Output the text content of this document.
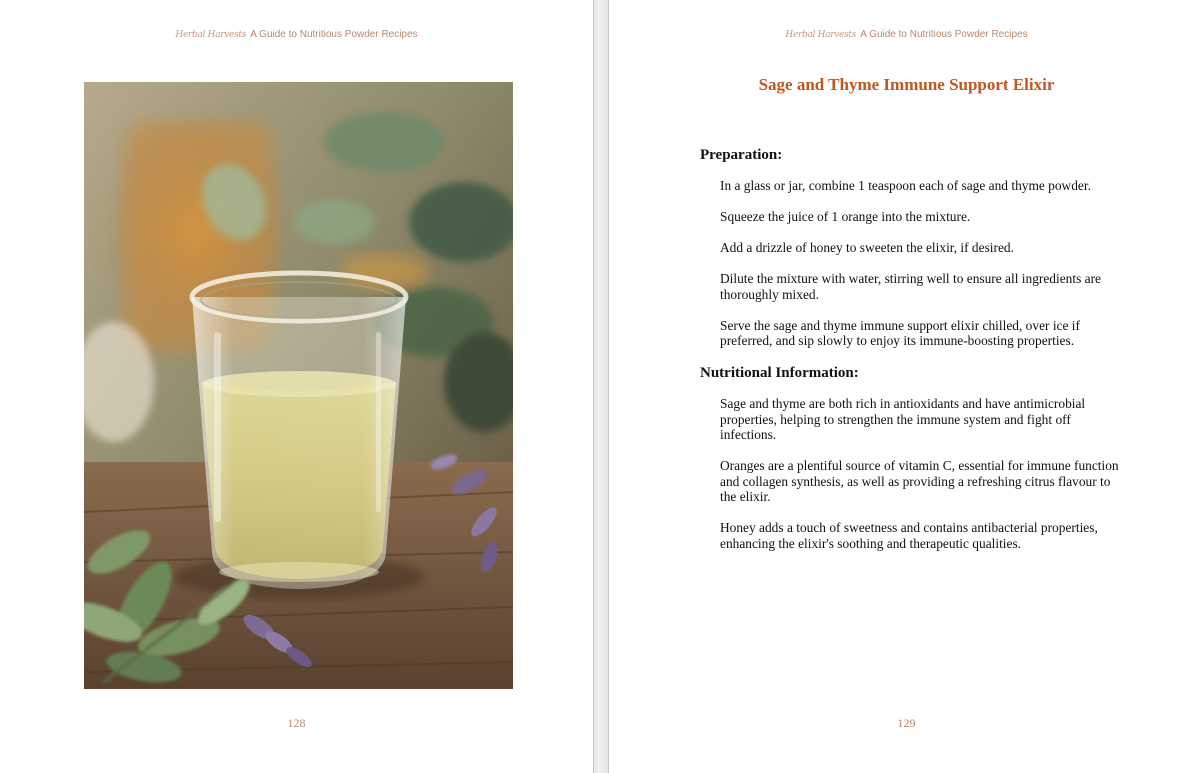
Herbal Harvests A Guide to Nutritious Powder Recipes
128
Herbal Harvests A Guide to Nutritious Powder Recipes
Sage and Thyme Immune Support Elixir
Preparation:
In a glass or jar, combine 1 teaspoon each of sage and thyme powder.
Squeeze the juice of 1 orange into the mixture.
Add a drizzle of honey to sweeten the elixir, if desired.
Dilute the mixture with water, stirring well to ensure all ingredients are thoroughly mixed.
Serve the sage and thyme immune support elixir chilled, over ice if preferred, and sip slowly to enjoy its immune-boosting properties.
Nutritional Information:
Sage and thyme are both rich in antioxidants and have antimicrobial properties, helping to strengthen the immune system and fight off infections.
Oranges are a plentiful source of vitamin C, essential for immune function and collagen synthesis, as well as providing a refreshing citrus flavour to the elixir.
Honey adds a touch of sweetness and contains antibacterial properties, enhancing the elixir's soothing and therapeutic qualities.
129
